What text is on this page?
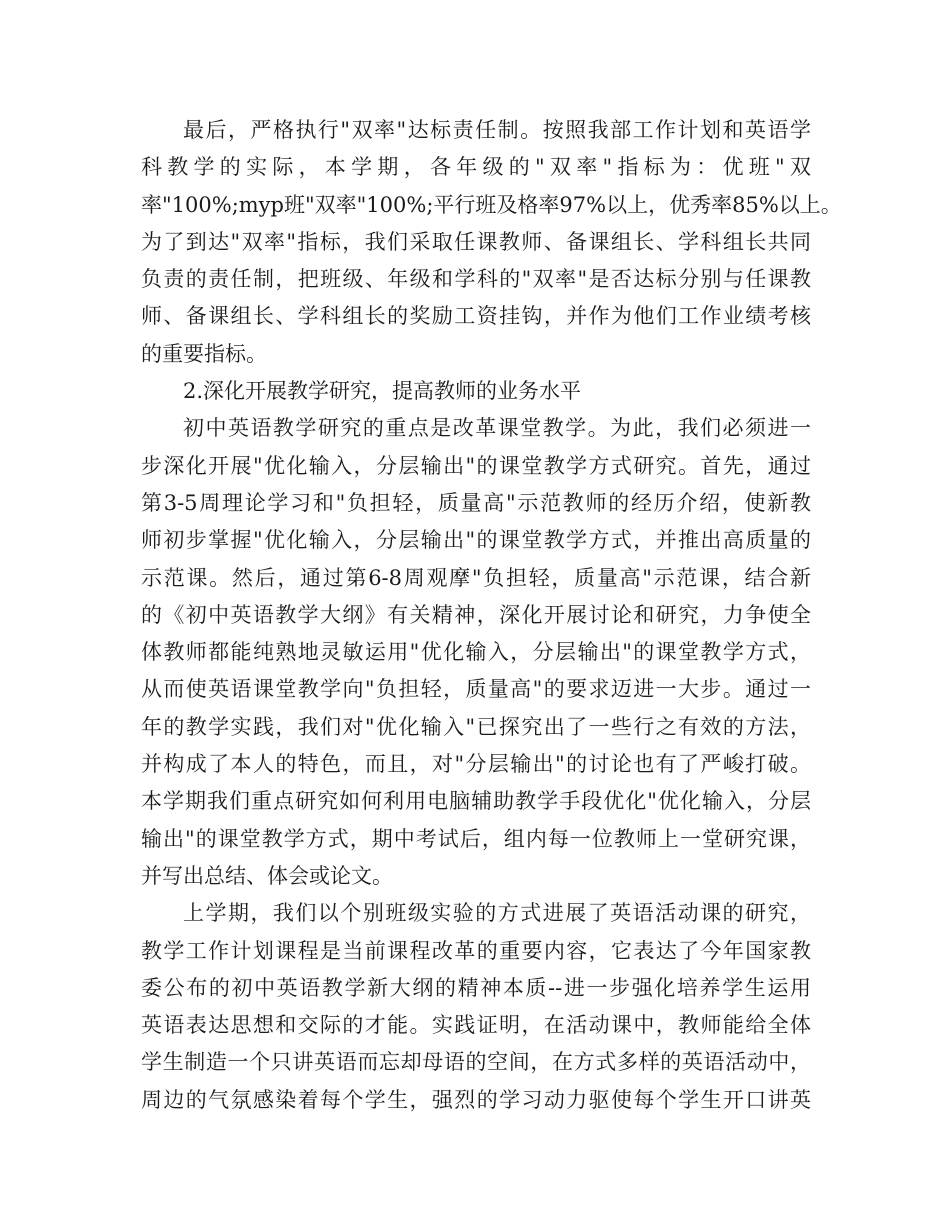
最后，严格执行"双率"达标责任制。按照我部工作计划和英语学
科教学的实际，本学期，各年级的"双率"指标为：优班"双
率"100%;myp班"双率"100%;平行班及格率97%以上，优秀率85%以上。
为了到达"双率"指标，我们采取任课教师、备课组长、学科组长共同
负责的责任制，把班级、年级和学科的"双率"是否达标分别与任课教
师、备课组长、学科组长的奖励工资挂钩，并作为他们工作业绩考核
的重要指标。
2.深化开展教学研究，提高教师的业务水平
初中英语教学研究的重点是改革课堂教学。为此，我们必须进一
步深化开展"优化输入，分层输出"的课堂教学方式研究。首先，通过
第3-5周理论学习和"负担轻，质量高"示范教师的经历介绍，使新教
师初步掌握"优化输入，分层输出"的课堂教学方式，并推出高质量的
示范课。然后，通过第6-8周观摩"负担轻，质量高"示范课，结合新
的《初中英语教学大纲》有关精神，深化开展讨论和研究，力争使全
体教师都能纯熟地灵敏运用"优化输入，分层输出"的课堂教学方式，
从而使英语课堂教学向"负担轻，质量高"的要求迈进一大步。通过一
年的教学实践，我们对"优化输入"已探究出了一些行之有效的方法，
并构成了本人的特色，而且，对"分层输出"的讨论也有了严峻打破。
本学期我们重点研究如何利用电脑辅助教学手段优化"优化输入，分层
输出"的课堂教学方式，期中考试后，组内每一位教师上一堂研究课，
并写出总结、体会或论文。
上学期，我们以个别班级实验的方式进展了英语活动课的研究，
教学工作计划课程是当前课程改革的重要内容，它表达了今年国家教
委公布的初中英语教学新大纲的精神本质--进一步强化培养学生运用
英语表达思想和交际的才能。实践证明，在活动课中，教师能给全体
学生制造一个只讲英语而忘却母语的空间，在方式多样的英语活动中，
周边的气氛感染着每个学生，强烈的学习动力驱使每个学生开口讲英
